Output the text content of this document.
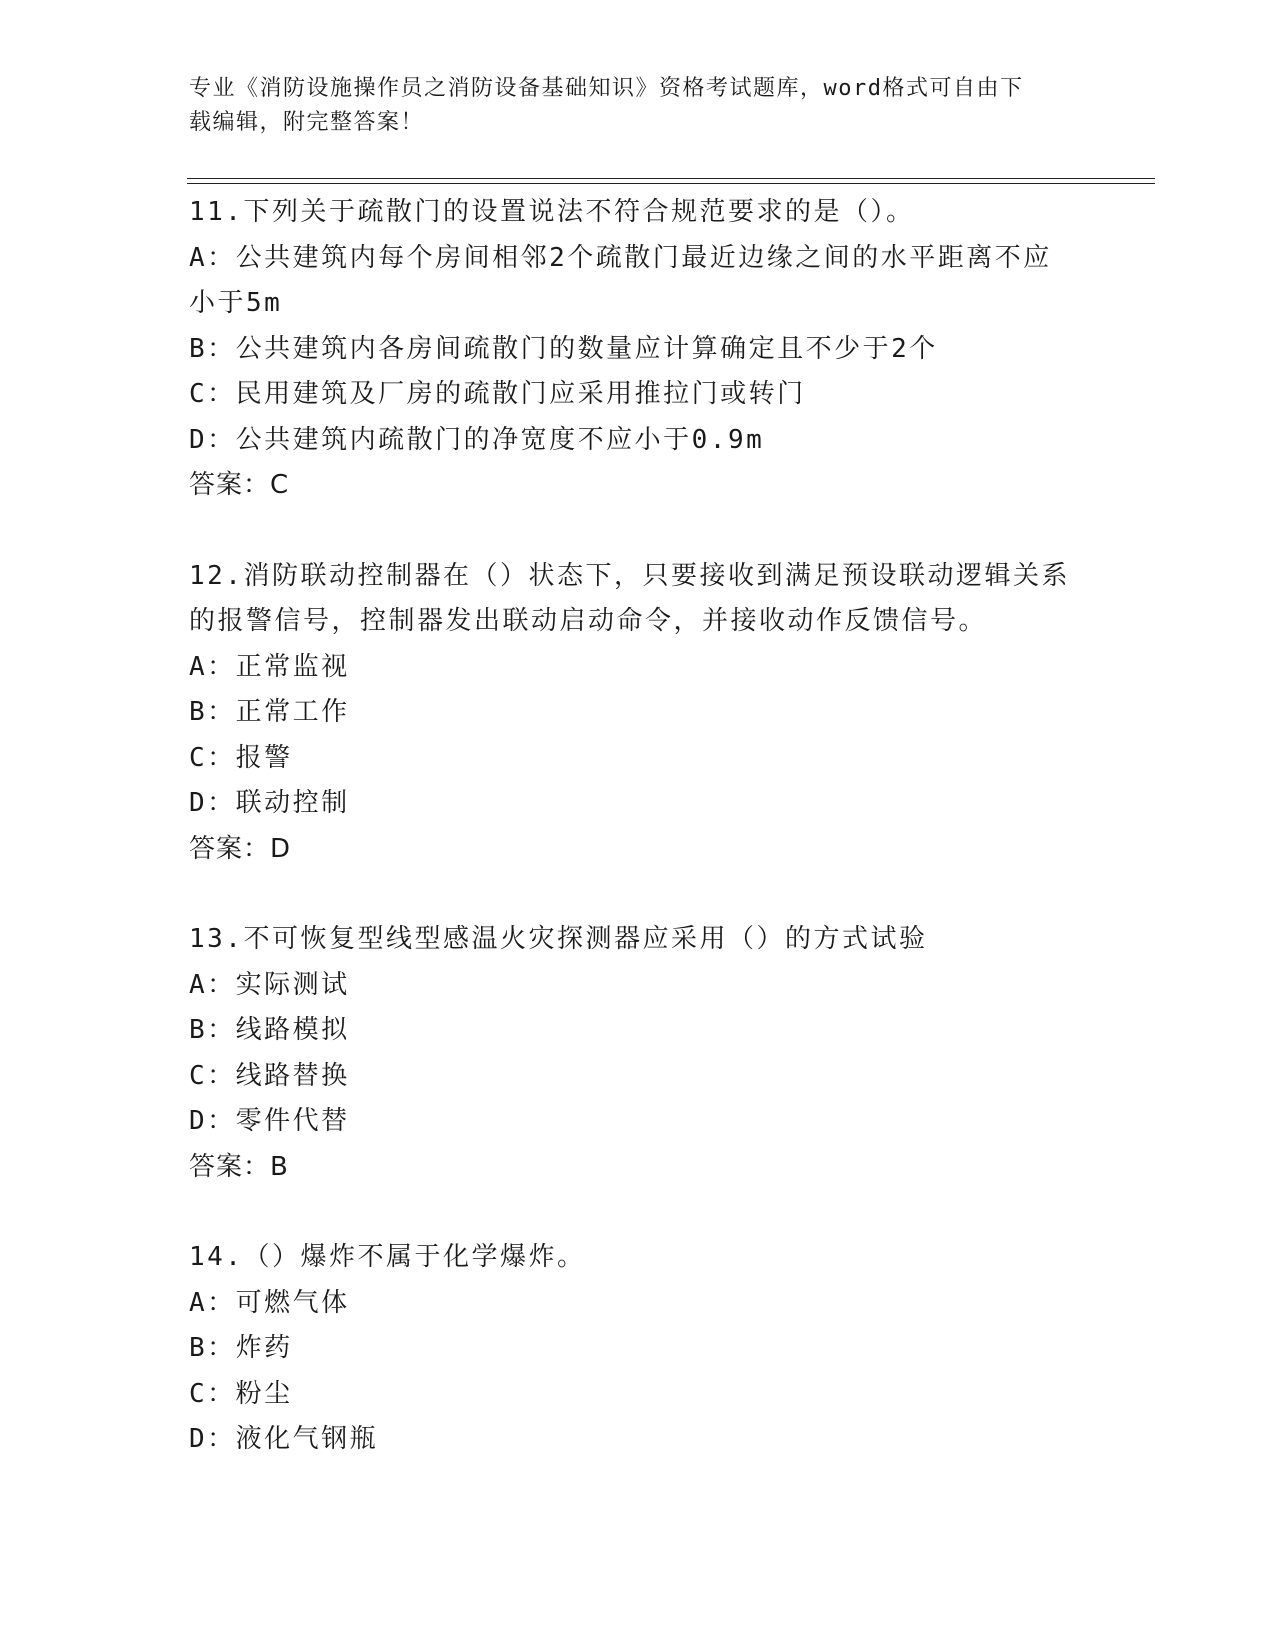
专业《消防设施操作员之消防设备基础知识》资格考试题库，word格式可自由下
载编辑，附完整答案！
11.下列关于疏散门的设置说法不符合规范要求的是（）。
A：公共建筑内每个房间相邻2个疏散门最近边缘之间的水平距离不应
小于5m
B：公共建筑内各房间疏散门的数量应计算确定且不少于2个
C：民用建筑及厂房的疏散门应采用推拉门或转门
D：公共建筑内疏散门的净宽度不应小于0.9m
答案：C
12.消防联动控制器在（）状态下，只要接收到满足预设联动逻辑关系
的报警信号，控制器发出联动启动命令，并接收动作反馈信号。
A：正常监视
B：正常工作
C：报警
D：联动控制
答案：D
13.不可恢复型线型感温火灾探测器应采用（）的方式试验
A：实际测试
B：线路模拟
C：线路替换
D：零件代替
答案：B
14.（）爆炸不属于化学爆炸。
A：可燃气体
B：炸药
C：粉尘
D：液化气钢瓶
